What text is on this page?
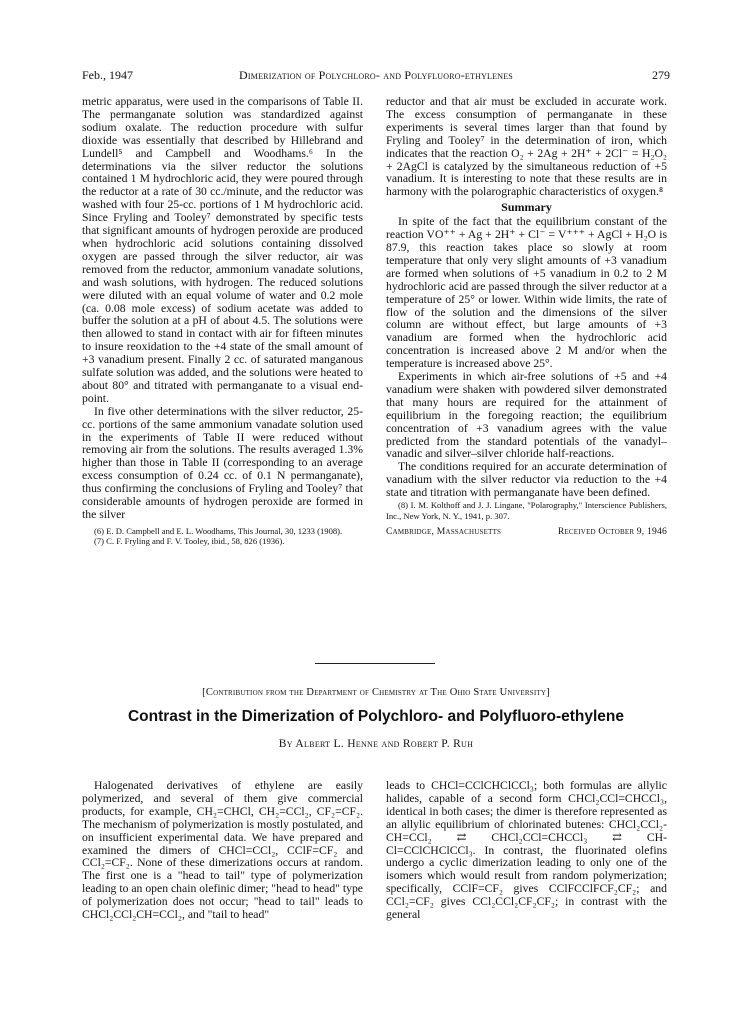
Feb., 1947	Dimerization of Polychloro- and Polyfluoro-ethylenes	279

metric apparatus, were used in the comparisons of Table II. The permanganate solution was standardized against sodium oxalate. The reduction procedure with sulfur dioxide was essentially that described by Hillebrand and Lundell⁵ and Campbell and Woodhams.⁶ In the determinations via the silver reductor the solutions contained 1 M hydrochloric acid, they were poured through the reductor at a rate of 30 cc./minute, and the reductor was washed with four 25-cc. portions of 1 M hydrochloric acid. Since Fryling and Tooley⁷ demonstrated by specific tests that significant amounts of hydrogen peroxide are produced when hydrochloric acid solutions containing dissolved oxygen are passed through the silver reductor, air was removed from the reductor, ammonium vanadate solutions, and wash solutions, with hydrogen. The reduced solutions were diluted with an equal volume of water and 0.2 mole (ca. 0.08 mole excess) of sodium acetate was added to buffer the solution at a pH of about 4.5. The solutions were then allowed to stand in contact with air for fifteen minutes to insure reoxidation to the +4 state of the small amount of +3 vanadium present. Finally 2 cc. of saturated manganous sulfate solution was added, and the solutions were heated to about 80° and titrated with permanganate to a visual end-point.

In five other determinations with the silver reductor, 25-cc. portions of the same ammonium vanadate solution used in the experiments of Table II were reduced without removing air from the solutions. The results averaged 1.3% higher than those in Table II (corresponding to an average excess consumption of 0.24 cc. of 0.1 N permanganate), thus confirming the conclusions of Fryling and Tooley⁷ that considerable amounts of hydrogen peroxide are formed in the silver

(6) E. D. Campbell and E. L. Woodhams, This Journal, 30, 1233 (1908).

(7) C. F. Fryling and F. V. Tooley, ibid., 58, 826 (1936).

reductor and that air must be excluded in accurate work. The excess consumption of permanganate in these experiments is several times larger than that found by Fryling and Tooley⁷ in the determination of iron, which indicates that the reaction O₂ + 2Ag + 2H⁺ + 2Cl⁻ = H₂O₂ + 2AgCl is catalyzed by the simultaneous reduction of +5 vanadium. It is interesting to note that these results are in harmony with the polarographic characteristics of oxygen.⁸

Summary

In spite of the fact that the equilibrium constant of the reaction VO⁺⁺ + Ag + 2H⁺ + Cl⁻ = V⁺⁺⁺ + AgCl + H₂O is 87.9, this reaction takes place so slowly at room temperature that only very slight amounts of +3 vanadium are formed when solutions of +5 vanadium in 0.2 to 2 M hydrochloric acid are passed through the silver reductor at a temperature of 25° or lower. Within wide limits, the rate of flow of the solution and the dimensions of the silver column are without effect, but large amounts of +3 vanadium are formed when the hydrochloric acid concentration is increased above 2 M and/or when the temperature is increased above 25°.

Experiments in which air-free solutions of +5 and +4 vanadium were shaken with powdered silver demonstrated that many hours are required for the attainment of equilibrium in the foregoing reaction; the equilibrium concentration of +3 vanadium agrees with the value predicted from the standard potentials of the vanadyl–vanadic and silver–silver chloride half-reactions.

The conditions required for an accurate determination of vanadium with the silver reductor via reduction to the +4 state and titration with permanganate have been defined.

(8) I. M. Kolthoff and J. J. Lingane, "Polarography," Interscience Publishers, Inc., New York, N. Y., 1941, p. 307.

Cambridge, Massachusetts	Received October 9, 1946
[Contribution from the Department of Chemistry at The Ohio State University]
Contrast in the Dimerization of Polychloro- and Polyfluoro-ethylene
By Albert L. Henne and Robert P. Ruh

Halogenated derivatives of ethylene are easily polymerized, and several of them give commercial products, for example, CH₂=CHCl, CH₂=CCl₂, CF₂=CF₂. The mechanism of polymerization is mostly postulated, and on insufficient experimental data. We have prepared and examined the dimers of CHCl=CCl₂, CClF=CF₂ and CCl₂=CF₂. None of these dimerizations occurs at random. The first one is a "head to tail" type of polymerization leading to an open chain olefinic dimer; "head to head" type of polymerization does not occur; "head to tail" leads to CHCl₂CCl₂CH=CCl₂, and "tail to head"

leads to CHCl=CClCHClCCl₃; both formulas are allylic halides, capable of a second form CHCl₂CCl=CHCCl₃, identical in both cases; the dimer is therefore represented as an allylic equilibrium of chlorinated butenes: CHCl₂CCl₂-CH=CCl₂ ⇄ CHCl₂CCl=CHCCl₃ ⇄ CH-Cl=CClCHClCCl₃. In contrast, the fluorinated olefins undergo a cyclic dimerization leading to only one of the isomers which would result from random polymerization; specifically, CClF=CF₂ gives CClFCClFCF₂CF₂; and CCl₂=CF₂ gives CCl₂CCl₂CF₂CF₂; in contrast with the general
